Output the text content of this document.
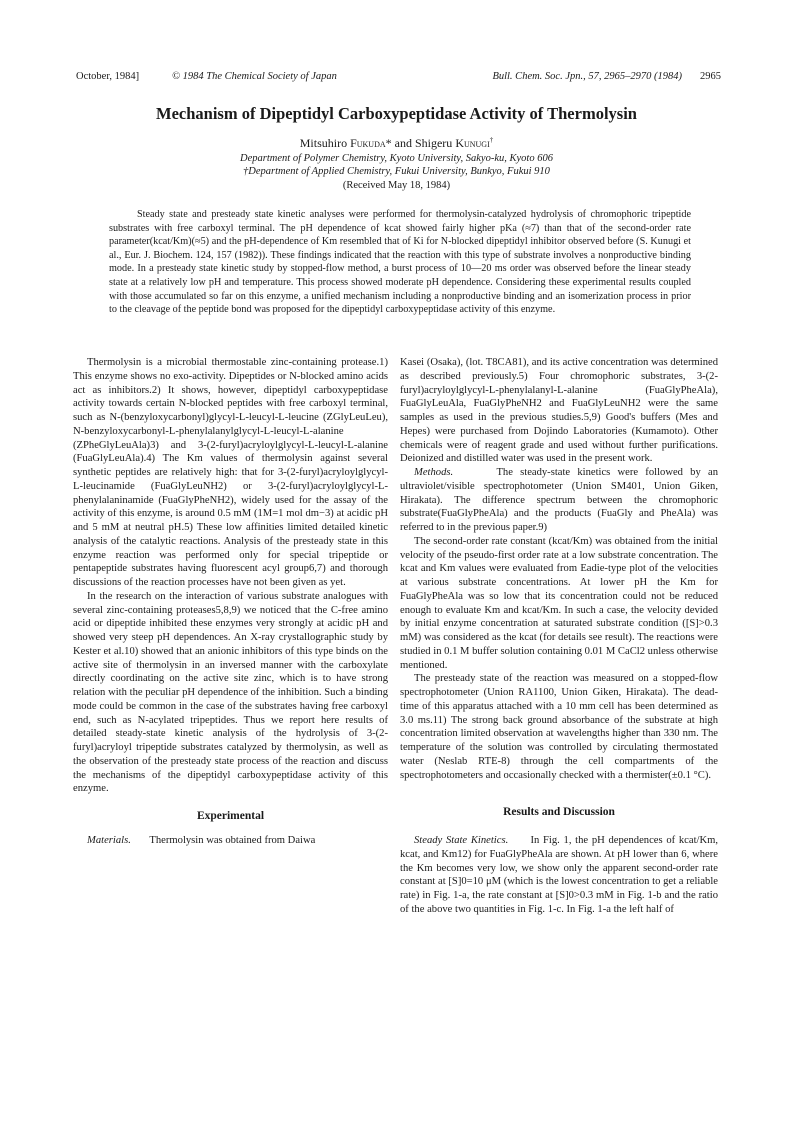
October, 1984]	© 1984 The Chemical Society of Japan	Bull. Chem. Soc. Jpn., 57, 2965–2970 (1984) 2965
Mechanism of Dipeptidyl Carboxypeptidase Activity of Thermolysin
Mitsuhiro Fukuda* and Shigeru Kunugi†
Department of Polymer Chemistry, Kyoto University, Sakyo-ku, Kyoto 606
†Department of Applied Chemistry, Fukui University, Bunkyo, Fukui 910
(Received May 18, 1984)

Steady state and presteady state kinetic analyses were performed for thermolysin-catalyzed hydrolysis of chromophoric tripeptide substrates with free carboxyl terminal. The pH dependence of kcat showed fairly higher pKa (≈7) than that of the second-order rate parameter(kcat/Km)(≈5) and the pH-dependence of Km resembled that of Ki for N-blocked dipeptidyl inhibitor observed before (S. Kunugi et al., Eur. J. Biochem. 124, 157 (1982)). These findings indicated that the reaction with this type of substrate involves a nonproductive binding mode. In a presteady state kinetic study by stopped-flow method, a burst process of 10—20 ms order was observed before the linear steady state at a relatively low pH and temperature. This process showed moderate pH dependence. Considering these experimental results coupled with those accumulated so far on this enzyme, a unified mechanism including a nonproductive binding and an isomerization process in prior to the cleavage of the peptide bond was proposed for the dipeptidyl carboxypeptidase activity of this enzyme.

Thermolysin is a microbial thermostable zinc-containing protease.1) This enzyme shows no exo-activity. Dipeptides or N-blocked amino acids act as inhibitors.2) It shows, however, dipeptidyl carboxypeptidase activity towards certain N-blocked peptides with free carboxyl terminal, such as N-(benzyloxycarbonyl)glycyl-L-leucyl-L-leucine (ZGlyLeuLeu), N-benzyloxycarbonyl-L-phenylalanylglycyl-L-leucyl-L-alanine (ZPheGlyLeuAla)3) and 3-(2-furyl)acryloylglycyl-L-leucyl-L-alanine (FuaGlyLeuAla).4) The Km values of thermolysin against several synthetic peptides are relatively high: that for 3-(2-furyl)acryloylglycyl-L-leucinamide (FuaGlyLeuNH2) or 3-(2-furyl)acryloylglycyl-L-phenylalaninamide (FuaGlyPheNH2), widely used for the assay of the activity of this enzyme, is around 0.5 mM (1M=1 mol dm−3) at acidic pH and 5 mM at neutral pH.5) These low affinities limited detailed kinetic analysis of the catalytic reactions. Analysis of the presteady state in this enzyme reaction was performed only for special tripeptide or pentapeptide substrates having fluorescent acyl group6,7) and thorough discussions of the reaction processes have not been given as yet.

In the research on the interaction of various substrate analogues with several zinc-containing proteases5,8,9) we noticed that the C-free amino acid or dipeptide inhibited these enzymes very strongly at acidic pH and showed very steep pH dependences. An X-ray crystallographic study by Kester et al.10) showed that an anionic inhibitors of this type binds on the active site of thermolysin in an inversed manner with the carboxylate directly coordinating on the active site zinc, which is to have strong relation with the peculiar pH dependence of the inhibition. Such a binding mode could be common in the case of the substrates having free carboxyl end, such as N-acylated tripeptides. Thus we report here results of detailed steady-state kinetic analysis of the hydrolysis of 3-(2-furyl)acryloyl tripeptide substrates catalyzed by thermolysin, as well as the observation of the presteady state process of the reaction and discuss the mechanisms of the dipeptidyl carboxypeptidase activity of this enzyme.

Experimental

Materials. Thermolysin was obtained from Daiwa

Kasei (Osaka), (lot. T8CA81), and its active concentration was determined as described previously.5) Four chromophoric substrates, 3-(2-furyl)acryloylglycyl-L-phenylalanyl-L-alanine (FuaGlyPheAla), FuaGlyLeuAla, FuaGlyPheNH2 and FuaGlyLeuNH2 were the same samples as used in the previous studies.5,9) Good's buffers (Mes and Hepes) were purchased from Dojindo Laboratories (Kumamoto). Other chemicals were of reagent grade and used without further purifications. Deionized and distilled water was used in the present work.

Methods.	The steady-state kinetics were followed by an ultraviolet/visible spectrophotometer (Union SM401, Union Giken, Hirakata). The difference spectrum between the chromophoric substrate(FuaGlyPheAla) and the products (FuaGly and PheAla) was referred to in the previous paper.9)

The second-order rate constant (kcat/Km) was obtained from the initial velocity of the pseudo-first order rate at a low substrate concentration. The kcat and Km values were evaluated from Eadie-type plot of the velocities at various substrate concentrations. At lower pH the Km for FuaGlyPheAla was so low that its concentration could not be reduced enough to evaluate Km and kcat/Km. In such a case, the velocity devided by initial enzyme concentration at saturated substrate condition ([S]>0.3 mM) was considered as the kcat (for details see result). The reactions were studied in 0.1 M buffer solution containing 0.01 M CaCl2 unless otherwise mentioned.

The presteady state of the reaction was measured on a stopped-flow spectrophotometer (Union RA1100, Union Giken, Hirakata). The dead-time of this apparatus attached with a 10 mm cell has been determined as 3.0 ms.11) The strong back ground absorbance of the substrate at high concentration limited observation at wavelengths higher than 330 nm. The temperature of the solution was controlled by circulating thermostated water (Neslab RTE-8) through the cell compartments of the spectrophotometers and occasionally checked with a thermister(±0.1 °C).

Results and Discussion

Steady State Kinetics. In Fig. 1, the pH dependences of kcat/Km, kcat, and Km12) for FuaGlyPheAla are shown. At pH lower than 6, where the Km becomes very low, we show only the apparent second-order rate constant at [S]0=10 μM (which is the lowest concentration to get a reliable rate) in Fig. 1-a, the rate constant at [S]0>0.3 mM in Fig. 1-b and the ratio of the above two quantities in Fig. 1-c. In Fig. 1-a the left half of
